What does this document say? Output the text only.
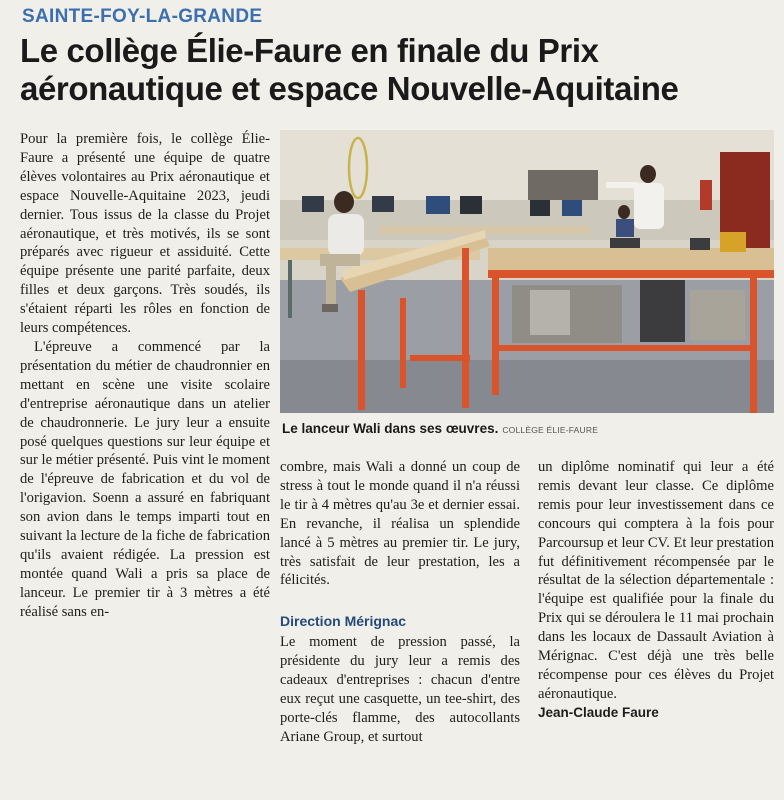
SAINTE-FOY-LA-GRANDE
Le collège Élie-Faure en finale du Prix aéronautique et espace Nouvelle-Aquitaine

Pour la première fois, le collège Élie-Faure a présenté une équipe de quatre élèves volontaires au Prix aéronautique et espace Nouvelle-Aquitaine 2023, jeudi dernier. Tous issus de la classe du Projet aéronautique, et très motivés, ils se sont préparés avec rigueur et assiduité. Cette équipe présente une parité parfaite, deux filles et deux garçons. Très soudés, ils s'étaient réparti les rôles en fonction de leurs compétences.

L'épreuve a commencé par la présentation du métier de chaudronnier en mettant en scène une visite scolaire d'entreprise aéronautique dans un atelier de chaudronnerie. Le jury leur a ensuite posé quelques questions sur leur équipe et sur le métier présenté. Puis vint le moment de l'épreuve de fabrication et du vol de l'origavion. Soenn a assuré en fabriquant son avion dans le temps imparti tout en suivant la lecture de la fiche de fabrication qu'ils avaient rédigée. La pression est montée quand Wali a pris sa place de lanceur. Le premier tir à 3 mètres a été réalisé sans en-

Le lanceur Wali dans ses œuvres. COLLÈGE ÉLIE-FAURE

combre, mais Wali a donné un coup de stress à tout le monde quand il n'a réussi le tir à 4 mètres qu'au 3e et dernier essai. En revanche, il réalisa un splendide lancé à 5 mètres au premier tir. Le jury, très satisfait de leur prestation, les a félicités.

Direction Mérignac

Le moment de pression passé, la présidente du jury leur a remis des cadeaux d'entreprises : chacun d'entre eux reçut une casquette, un tee-shirt, des porte-clés flamme, des autocollants Ariane Group, et surtout

un diplôme nominatif qui leur a été remis devant leur classe. Ce diplôme remis pour leur investissement dans ce concours qui comptera à la fois pour Parcoursup et leur CV. Et leur prestation fut définitivement récompensée par le résultat de la sélection départementale : l'équipe est qualifiée pour la finale du Prix qui se déroulera le 11 mai prochain dans les locaux de Dassault Aviation à Mérignac. C'est déjà une très belle récompense pour ces élèves du Projet aéronautique.

Jean-Claude Faure
